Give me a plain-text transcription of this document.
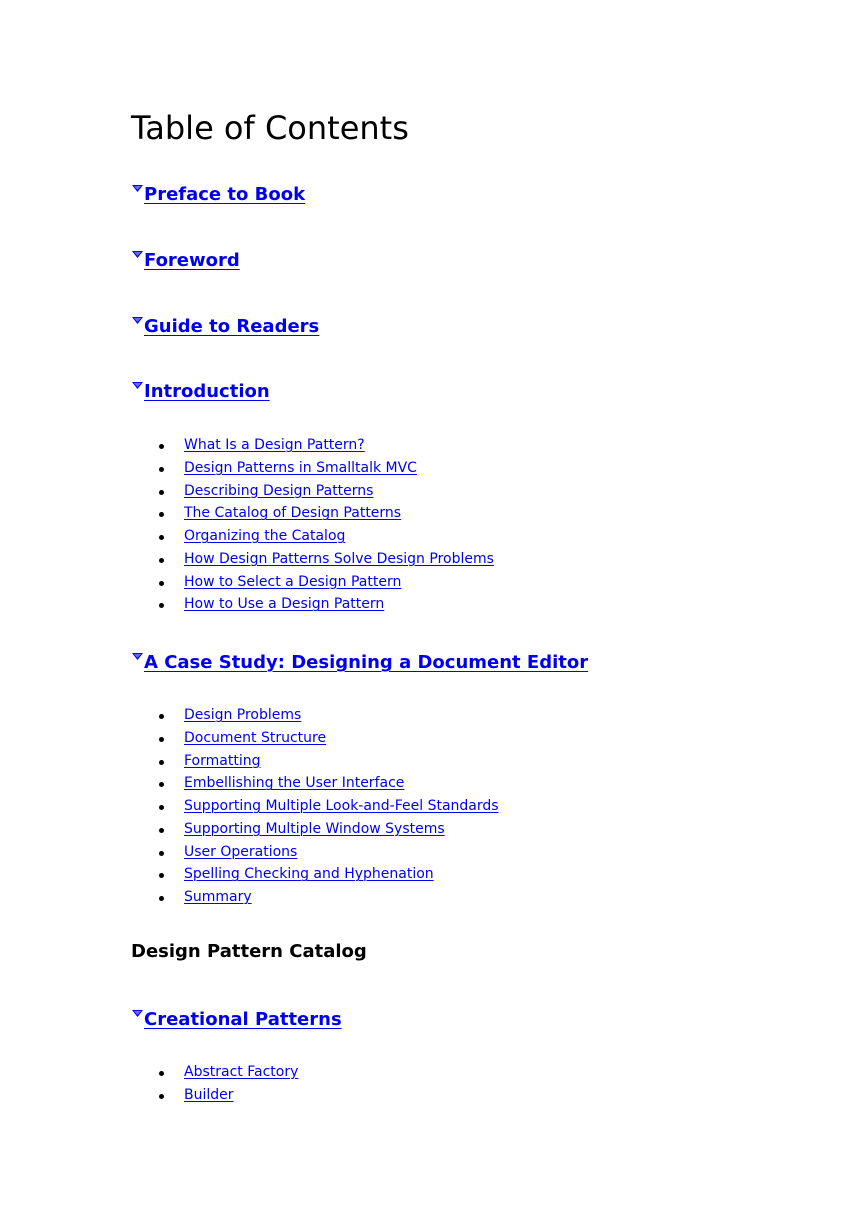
Table of Contents
Preface to Book
Foreword
Guide to Readers
Introduction
What Is a Design Pattern?
Design Patterns in Smalltalk MVC
Describing Design Patterns
The Catalog of Design Patterns
Organizing the Catalog
How Design Patterns Solve Design Problems
How to Select a Design Pattern
How to Use a Design Pattern
A Case Study: Designing a Document Editor
Design Problems
Document Structure
Formatting
Embellishing the User Interface
Supporting Multiple Look-and-Feel Standards
Supporting Multiple Window Systems
User Operations
Spelling Checking and Hyphenation
Summary
Design Pattern Catalog
Creational Patterns
Abstract Factory
Builder
